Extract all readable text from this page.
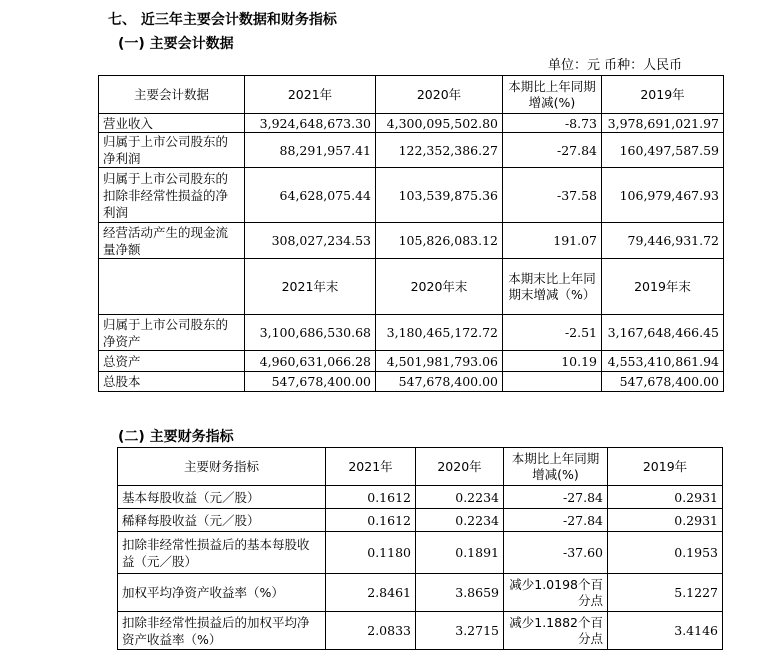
七、 近三年主要会计数据和财务指标
(一) 主要会计数据
单位：元 币种：人民币
主要会计数据	2021年	2020年	本期比上年同期增减(%)	2019年
营业收入	3,924,648,673.30	4,300,095,502.80	-8.73	3,978,691,021.97
归属于上市公司股东的净利润	88,291,957.41	122,352,386.27	-27.84	160,497,587.59
归属于上市公司股东的扣除非经常性损益的净利润	64,628,075.44	103,539,875.36	-37.58	106,979,467.93
经营活动产生的现金流量净额	308,027,234.53	105,826,083.12	191.07	79,446,931.72
	2021年末	2020年末	本期末比上年同期末增减（%）	2019年末
归属于上市公司股东的净资产	3,100,686,530.68	3,180,465,172.72	-2.51	3,167,648,466.45
总资产	4,960,631,066.28	4,501,981,793.06	10.19	4,553,410,861.94
总股本	547,678,400.00	547,678,400.00		547,678,400.00
(二) 主要财务指标
主要财务指标	2021年	2020年	本期比上年同期增减(%)	2019年
基本每股收益（元／股）	0.1612	0.2234	-27.84	0.2931
稀释每股收益（元／股）	0.1612	0.2234	-27.84	0.2931
扣除非经常性损益后的基本每股收益（元／股）	0.1180	0.1891	-37.60	0.1953
加权平均净资产收益率（%）	2.8461	3.8659	减少1.0198个百分点	5.1227
扣除非经常性损益后的加权平均净资产收益率（%）	2.0833	3.2715	减少1.1882个百分点	3.4146
